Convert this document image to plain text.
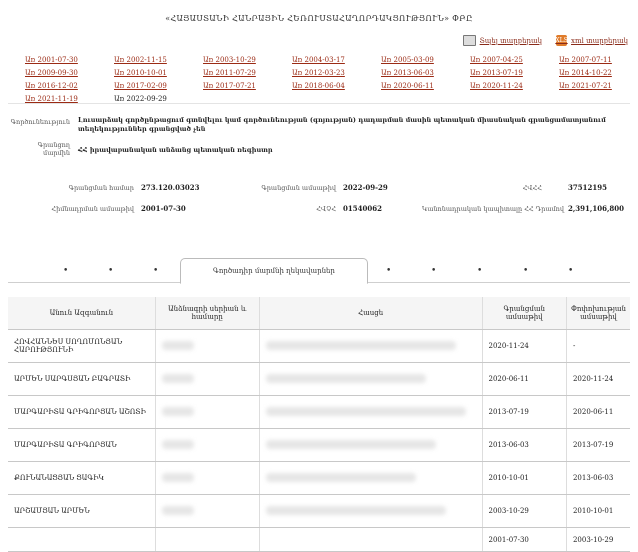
«ՀԱՅԱՍՏԱՆԻ ՀԱՆՐԱՅԻՆ ՀԵՌՈՒՍՏԱՀԱՂՈՐԴԱԿՑՈՒԹՅՈՒՆ» ՓԲԸ
Տպել տարբերակ XLS xml տարբերակ
Առ 2001-07-30	Առ 2002-11-15	Առ 2003-10-29	Առ 2004-03-17	Առ 2005-03-09	Առ 2007-04-25	Առ 2007-07-11
Առ 2009-09-30	Առ 2010-10-01	Առ 2011-07-29	Առ 2012-03-23	Առ 2013-06-03	Առ 2013-07-19	Առ 2014-10-22
Առ 2016-12-02	Առ 2017-02-09	Առ 2017-07-21	Առ 2018-06-04	Առ 2020-06-11	Առ 2020-11-24	Առ 2021-07-21
Առ 2021-11-19	Առ 2022-09-29
Գործունեություն Լուսարձակ գործընթացում գտնվելու կամ գործունեության (գոյության) դադարման մասին պետական միասնական գրանցամատյանում տեղեկություններ գրանցված չեն
Գրանցող մարմին ՀՀ իրավաբանական անձանց պետական ռեգիստր
Գրանցման համար 273.120.03023	Գրանցման ամսաթիվ 2022-09-29	ՀՎՀՀ	37512195
Հիմնադրման ամսաթիվ 2001-07-30	ՀՎՉՀ 01540062	Կանոնադրական կապիտալը ՀՀ Դրամով 2,391,106,800
Գործադիր մարմնի ղեկավարներ
•	•	•	•	•	•	•	•
Անուն Ազգանուն	Անձնագրի սերիան և համարը	Հասցե	Գրանցման ամսաթիվ	Փոփոխության ամսաթիվ
ՀՈՎՀԱՆՆԵՍ ՍՈՂՈՄՈՆՅԱՆ ՀԱՐՈՒԹՅՈՒՆԻ			2020-11-24	-
ԱՐՄԵՆ ՍԱՐԳՍՅԱՆ ԲԱԳՐԱՏԻ			2020-06-11	2020-11-24
ՄԱՐԳԱՐԻՏԱ ԳՐԻԳՈՐՅԱՆ ԱՇՈՏԻ			2013-07-19	2020-06-11
ՄԱՐԳԱՐԻՏԱ ԳՐԻԳՈՐՅԱՆ			2013-06-03	2013-07-19
ՔՈՒՆԱՆԱՑՅԱՆ ՑԱԳԻԿ			2010-10-01	2013-06-03
ԱՐՇԱՄՅԱՆ ԱՐՄԵՆ			2003-10-29	2010-10-01
			2001-07-30	2003-10-29
